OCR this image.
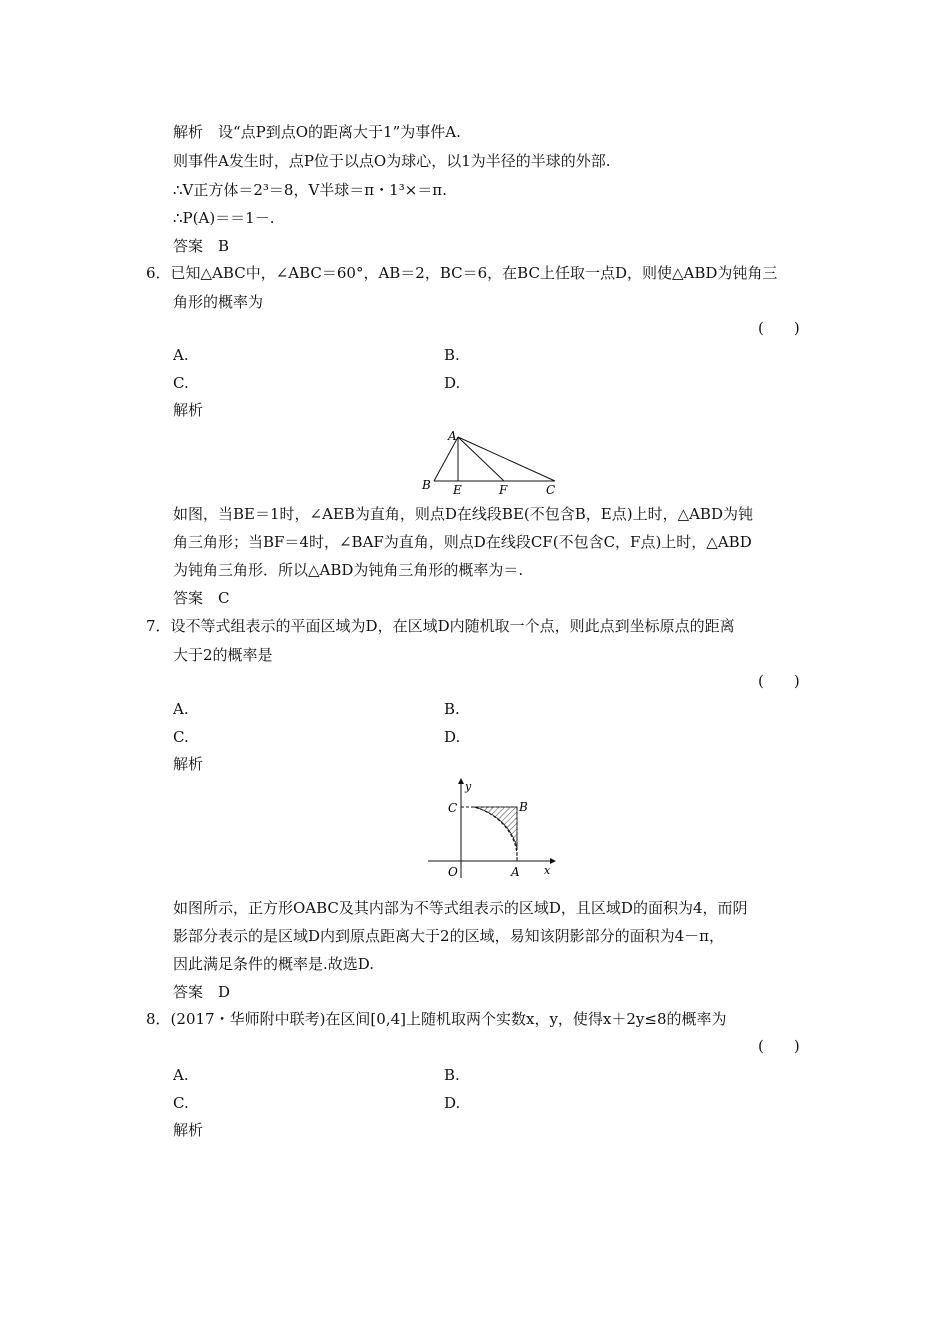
解析　设“点P到点O的距离大于1”为事件A.
则事件A发生时，点P位于以点O为球心，以1为半径的半球的外部.
∴V正方体＝2³＝8，V半球＝π・1³×＝π.
∴P(A)＝＝1－.
答案　B
6．已知△ABC中，∠ABC＝60°，AB＝2，BC＝6，在BC上任取一点D，则使△ABD为钝角三
角形的概率为
(　　)
A.	B.
C.	D.
解析
A
B E	F	C
如图，当BE＝1时，∠AEB为直角，则点D在线段BE(不包含B，E点)上时，△ABD为钝
角三角形；当BF＝4时，∠BAF为直角，则点D在线段CF(不包含C，F点)上时，△ABD
为钝角三角形．所以△ABD为钝角三角形的概率为＝.
答案　C
7．设不等式组表示的平面区域为D，在区域D内随机取一个点，则此点到坐标原点的距离
大于2的概率是
(　　)
A.	B.
C.	D.
解析
y
x
C	B
O	A
如图所示，正方形OABC及其内部为不等式组表示的区域D，且区域D的面积为4，而阴
影部分表示的是区域D内到原点距离大于2的区域，易知该阴影部分的面积为4－π，
因此满足条件的概率是.故选D.
答案　D
8．(2017・华师附中联考)在区间[0,4]上随机取两个实数x，y，使得x＋2y≤8的概率为
(　　)
A.	B.
C.	D.
解析
